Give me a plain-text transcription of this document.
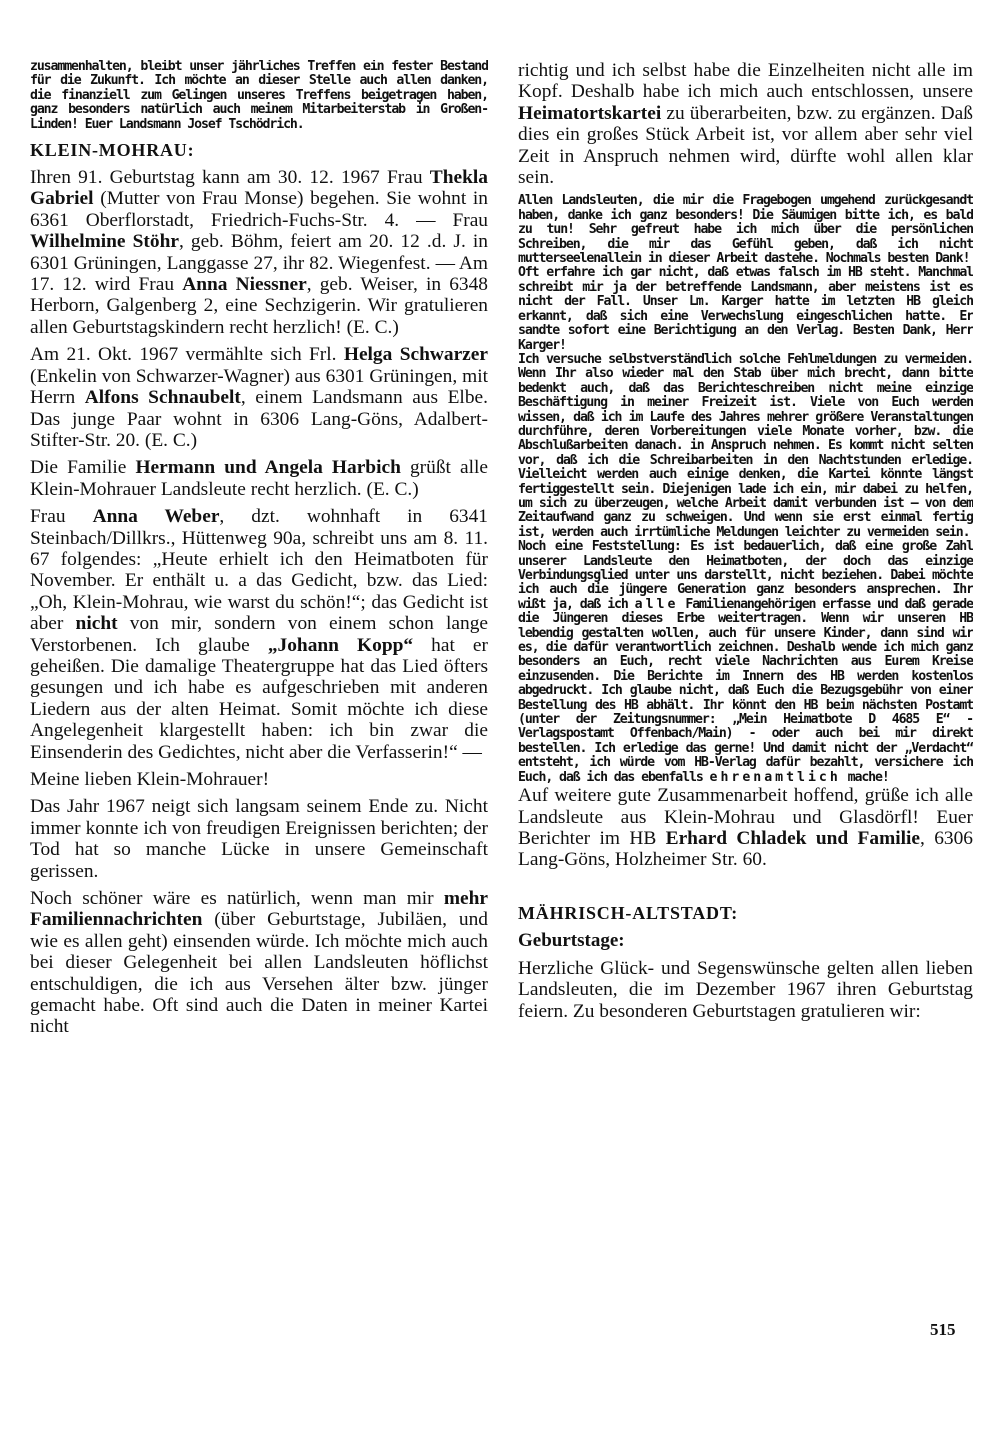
zusammenhalten, bleibt unser jährliches Treffen ein fester Bestand für die Zukunft. Ich möchte an dieser Stelle auch allen danken, die finanziell zum Gelingen unseres Treffens beigetragen haben, ganz besonders natürlich auch meinem Mitarbeiterstab in Großen-Linden! Euer Landsmann Josef Tschödrich.

KLEIN-MOHRAU:

Ihren 91. Geburtstag kann am 30. 12. 1967 Frau Thekla Gabriel (Mutter von Frau Monse) begehen. Sie wohnt in 6361 Oberflorstadt, Friedrich-Fuchs-Str. 4. — Frau Wilhelmine Stöhr, geb. Böhm, feiert am 20. 12 .d. J. in 6301 Grüningen, Langgasse 27, ihr 82. Wiegenfest. — Am 17. 12. wird Frau Anna Niessner, geb. Weiser, in 6348 Herborn, Galgenberg 2, eine Sechzigerin. Wir gratulieren allen Geburtstagskindern recht herzlich! (E. C.)

Am 21. Okt. 1967 vermählte sich Frl. Helga Schwarzer (Enkelin von Schwarzer-Wagner) aus 6301 Grüningen, mit Herrn Alfons Schnaubelt, einem Landsmann aus Elbe. Das junge Paar wohnt in 6306 Lang-Göns, Adalbert-Stifter-Str. 20. (E. C.)

Die Familie Hermann und Angela Harbich grüßt alle Klein-Mohrauer Landsleute recht herzlich. (E. C.)

Frau Anna Weber, dzt. wohnhaft in 6341 Steinbach/Dillkrs., Hüttenweg 90a, schreibt uns am 8. 11. 67 folgendes: „Heute erhielt ich den Heimatboten für November. Er enthält u. a das Gedicht, bzw. das Lied: „Oh, Klein-Mohrau, wie warst du schön!“; das Gedicht ist aber nicht von mir, sondern von einem schon lange Verstorbenen. Ich glaube „Johann Kopp“ hat er geheißen. Die damalige Theatergruppe hat das Lied öfters gesungen und ich habe es aufgeschrieben mit anderen Liedern aus der alten Heimat. Somit möchte ich diese Angelegenheit klargestellt haben: ich bin zwar die Einsenderin des Gedichtes, nicht aber die Verfasserin!“ —

Meine lieben Klein-Mohrauer!

Das Jahr 1967 neigt sich langsam seinem Ende zu. Nicht immer konnte ich von freudigen Ereignissen berichten; der Tod hat so manche Lücke in unsere Gemeinschaft gerissen.

Noch schöner wäre es natürlich, wenn man mir mehr Familiennachrichten (über Geburtstage, Jubiläen, und wie es allen geht) einsenden würde. Ich möchte mich auch bei dieser Gelegenheit bei allen Landsleuten höflichst entschuldigen, die ich aus Versehen älter bzw. jünger gemacht habe. Oft sind auch die Daten in meiner Kartei nicht

richtig und ich selbst habe die Einzelheiten nicht alle im Kopf. Deshalb habe ich mich auch entschlossen, unsere Heimatortskartei zu überarbeiten, bzw. zu ergänzen. Daß dies ein großes Stück Arbeit ist, vor allem aber sehr viel Zeit in Anspruch nehmen wird, dürfte wohl allen klar sein.

Allen Landsleuten, die mir die Fragebogen umgehend zurückgesandt haben, danke ich ganz besonders! Die Säumigen bitte ich, es bald zu tun! Sehr gefreut habe ich mich über die persönlichen Schreiben, die mir das Gefühl geben, daß ich nicht mutterseelenallein in dieser Arbeit dastehe. Nochmals besten Dank!

Oft erfahre ich gar nicht, daß etwas falsch im HB steht. Manchmal schreibt mir ja der betreffende Landsmann, aber meistens ist es nicht der Fall. Unser Lm. Karger hatte im letzten HB gleich erkannt, daß sich eine Verwechslung eingeschlichen hatte. Er sandte sofort eine Berichtigung an den Verlag. Besten Dank, Herr Karger!

Ich versuche selbstverständlich solche Fehlmeldungen zu vermeiden. Wenn Ihr also wieder mal den Stab über mich brecht, dann bitte bedenkt auch, daß das Berichteschreiben nicht meine einzige Beschäftigung in meiner Freizeit ist. Viele von Euch werden wissen, daß ich im Laufe des Jahres mehrer größere Veranstaltungen durchführe, deren Vorbereitungen viele Monate vorher, bzw. die Abschlußarbeiten danach. in Anspruch nehmen. Es kommt nicht selten vor, daß ich die Schreibarbeiten in den Nachtstunden erledige. Vielleicht werden auch einige denken, die Kartei könnte längst fertiggestellt sein. Diejenigen lade ich ein, mir dabei zu helfen, um sich zu überzeugen, welche Arbeit damit verbunden ist — von dem Zeitaufwand ganz zu schweigen. Und wenn sie erst einmal fertig ist, werden auch irrtümliche Meldungen leichter zu vermeiden sein.

Noch eine Feststellung: Es ist bedauerlich, daß eine große Zahl unserer Landsleute den Heimatboten, der doch das einzige Verbindungsglied unter uns darstellt, nicht beziehen. Dabei möchte ich auch die jüngere Generation ganz besonders ansprechen. Ihr wißt ja, daß ich alle Familienangehörigen erfasse und daß gerade die Jüngeren dieses Erbe weitertragen. Wenn wir unseren HB lebendig gestalten wollen, auch für unsere Kinder, dann sind wir es, die dafür verantwortlich zeichnen. Deshalb wende ich mich ganz besonders an Euch, recht viele Nachrichten aus Eurem Kreise einzusenden. Die Berichte im Innern des HB werden kostenlos abgedruckt. Ich glaube nicht, daß Euch die Bezugsgebühr von einer Bestellung des HB abhält. Ihr könnt den HB beim nächsten Postamt (unter der Zeitungsnummer: „Mein Heimatbote D 4685 E“ - Verlagspostamt Offenbach/Main) - oder auch bei mir direkt bestellen. Ich erledige das gerne! Und damit nicht der „Verdacht“ entsteht, ich würde vom HB-Verlag dafür bezahlt, versichere ich Euch, daß ich das ebenfalls ehrenamtlich mache!

Auf weitere gute Zusammenarbeit hoffend, grüße ich alle Landsleute aus Klein-Mohrau und Glasdörfl! Euer Berichter im HB Erhard Chladek und Familie, 6306 Lang-Göns, Holzheimer Str. 60.

MÄHRISCH-ALTSTADT:
Geburtstage:

Herzliche Glück- und Segenswünsche gelten allen lieben Landsleuten, die im Dezember 1967 ihren Geburtstag feiern. Zu besonderen Geburtstagen gratulieren wir:

515
